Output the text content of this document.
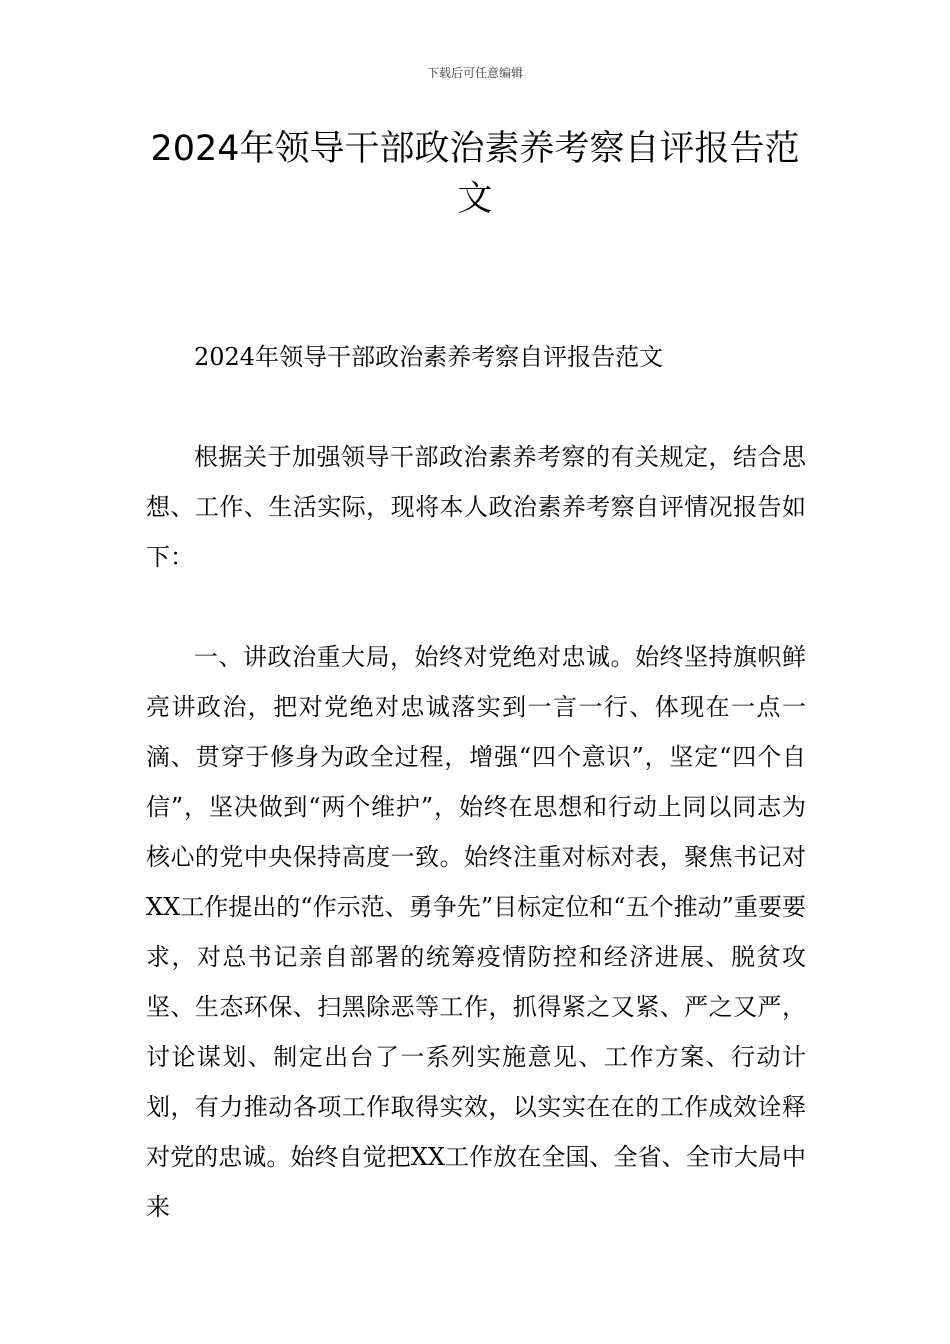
下载后可任意编辑
2024年领导干部政治素养考察自评报告范文

2024年领导干部政治素养考察自评报告范文

根据关于加强领导干部政治素养考察的有关规定，结合思想、工作、生活实际，现将本人政治素养考察自评情况报告如下：

一、讲政治重大局，始终对党绝对忠诚。始终坚持旗帜鲜亮讲政治，把对党绝对忠诚落实到一言一行、体现在一点一滴、贯穿于修身为政全过程，增强“四个意识”，坚定“四个自信”，坚决做到“两个维护”，始终在思想和行动上同以同志为核心的党中央保持高度一致。始终注重对标对表，聚焦书记对XX工作提出的“作示范、勇争先”目标定位和“五个推动”重要要求，对总书记亲自部署的统筹疫情防控和经济进展、脱贫攻坚、生态环保、扫黑除恶等工作，抓得紧之又紧、严之又严，讨论谋划、制定出台了一系列实施意见、工作方案、行动计划，有力推动各项工作取得实效，以实实在在的工作成效诠释对党的忠诚。始终自觉把XX工作放在全国、全省、全市大局中来
